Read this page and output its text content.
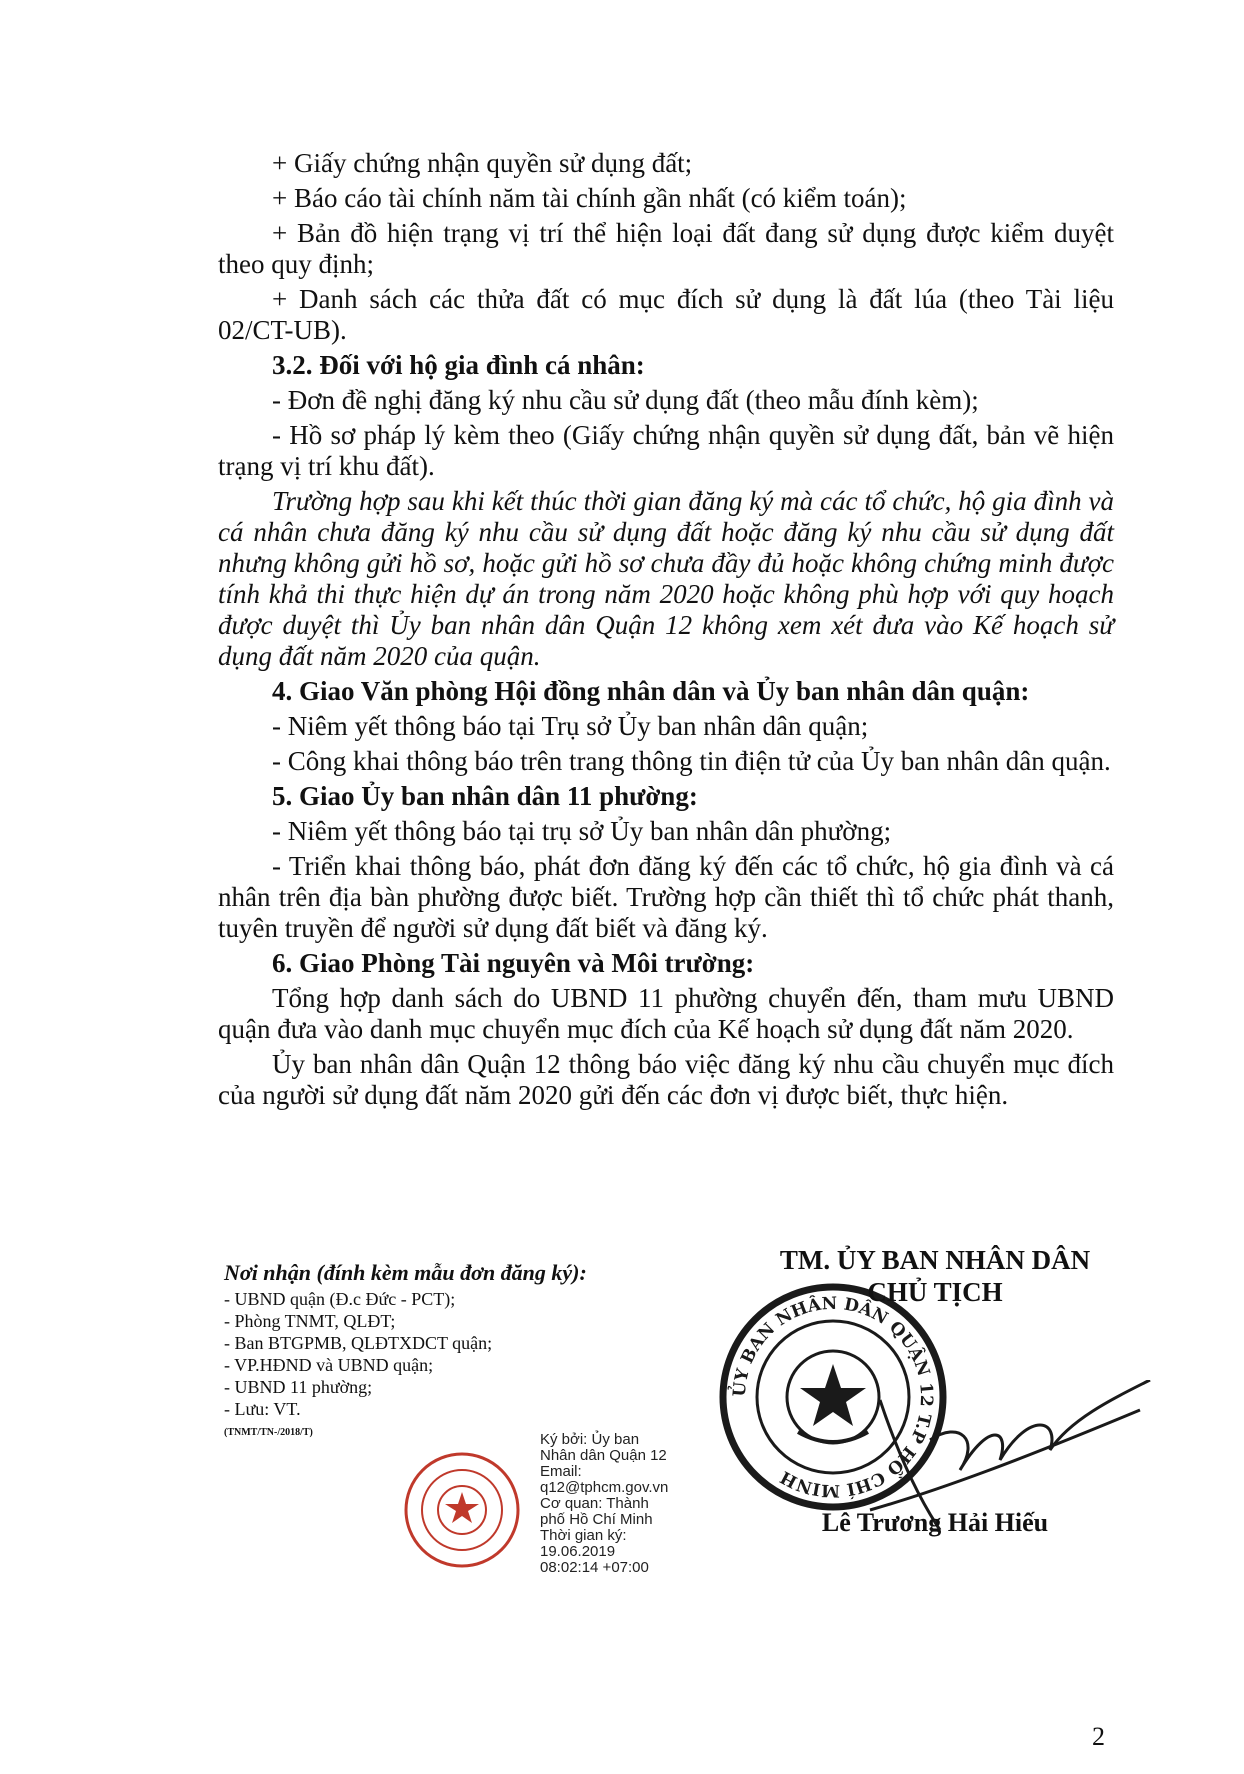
+ Giấy chứng nhận quyền sử dụng đất;

+ Báo cáo tài chính năm tài chính gần nhất (có kiểm toán);

+ Bản đồ hiện trạng vị trí thể hiện loại đất đang sử dụng được kiểm duyệt theo quy định;

+ Danh sách các thửa đất có mục đích sử dụng là đất lúa (theo Tài liệu 02/CT-UB).

3.2. Đối với hộ gia đình cá nhân:

- Đơn đề nghị đăng ký nhu cầu sử dụng đất (theo mẫu đính kèm);

- Hồ sơ pháp lý kèm theo (Giấy chứng nhận quyền sử dụng đất, bản vẽ hiện trạng vị trí khu đất).

Trường hợp sau khi kết thúc thời gian đăng ký mà các tổ chức, hộ gia đình và cá nhân chưa đăng ký nhu cầu sử dụng đất hoặc đăng ký nhu cầu sử dụng đất nhưng không gửi hồ sơ, hoặc gửi hồ sơ chưa đầy đủ hoặc không chứng minh được tính khả thi thực hiện dự án trong năm 2020 hoặc không phù hợp với quy hoạch được duyệt thì Ủy ban nhân dân Quận 12 không xem xét đưa vào Kế hoạch sử dụng đất năm 2020 của quận.

4. Giao Văn phòng Hội đồng nhân dân và Ủy ban nhân dân quận:

- Niêm yết thông báo tại Trụ sở Ủy ban nhân dân quận;

- Công khai thông báo trên trang thông tin điện tử của Ủy ban nhân dân quận.

5. Giao Ủy ban nhân dân 11 phường:

- Niêm yết thông báo tại trụ sở Ủy ban nhân dân phường;

- Triển khai thông báo, phát đơn đăng ký đến các tổ chức, hộ gia đình và cá nhân trên địa bàn phường được biết. Trường hợp cần thiết thì tổ chức phát thanh, tuyên truyền để người sử dụng đất biết và đăng ký.

6. Giao Phòng Tài nguyên và Môi trường:

Tổng hợp danh sách do UBND 11 phường chuyển đến, tham mưu UBND quận đưa vào danh mục chuyển mục đích của Kế hoạch sử dụng đất năm 2020.

Ủy ban nhân dân Quận 12 thông báo việc đăng ký nhu cầu chuyển mục đích của người sử dụng đất năm 2020 gửi đến các đơn vị được biết, thực hiện.

Nơi nhận (đính kèm mẫu đơn đăng ký):
- UBND quận (Đ.c Đức - PCT);
- Phòng TNMT, QLĐT;
- Ban BTGPMB, QLĐTXDCT quận;
- VP.HĐND và UBND quận;
- UBND 11 phường;
- Lưu: VT.
(TNMT/TN-/2018/T)
ỦY BAN NHÂN DÂN QUẬN 12 T.P HỒ CHÍ MINH
TM. ỦY BAN NHÂN DÂN
CHỦ TỊCH
Lê Trương Hải Hiếu
Ký bởi: Ủy ban
Nhân dân Quận 12
Email:
q12@tphcm.gov.vn
Cơ quan: Thành
phố Hồ Chí Minh
Thời gian ký:
19.06.2019
08:02:14 +07:00
2
